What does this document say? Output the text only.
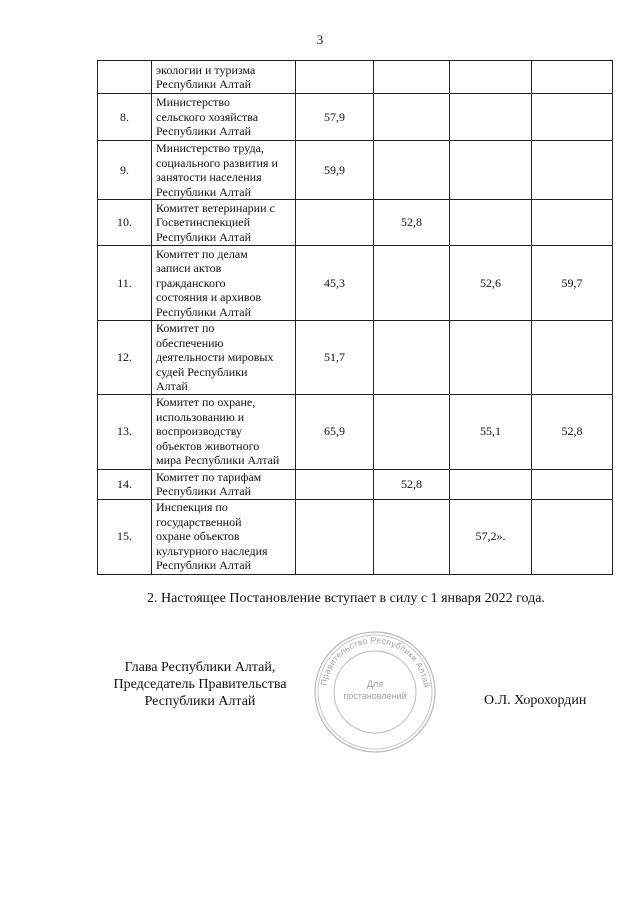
3

	экологии и туризма
Республики Алтай				

8.	Министерство
сельского хозяйства
Республики Алтай	57,9			
9.	Министерство труда,
социального развития и
занятости населения
Республики Алтай	59,9			
10.	Комитет ветеринарии с
Госветинспекцией
Республики Алтай		52,8		
11.	Комитет по делам
записи актов
гражданского
состояния и архивов
Республики Алтай	45,3		52,6	59,7
12.	Комитет по
обеспечению
деятельности мировых
судей Республики
Алтай	51,7			
13.	Комитет по охране,
использованию и
воспроизводству
объектов животного
мира Республики Алтай	65,9		55,1	52,8
14.	Комитет по тарифам
Республики Алтай		52,8		
15.	Инспекция по
государственной
охране объектов
культурного наследия
Республики Алтай			57,2».	
2. Настоящее Постановление вступает в силу с 1 января 2022 года.
Глава Республики Алтай,
Председатель Правительства
Республики Алтай
Правительство Республики Алтай
Для
постановлений	О.Л. Хорохордин
